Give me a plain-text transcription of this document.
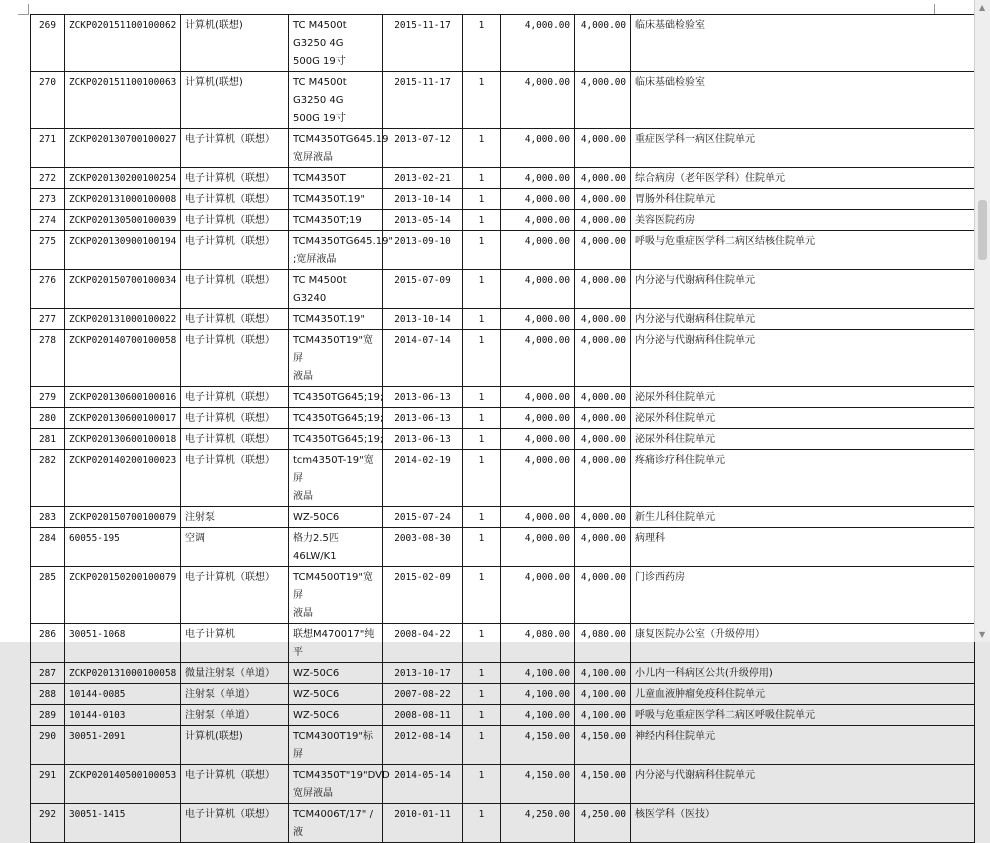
269	ZCKP020151100100062	计算机(联想)	TC M4500t G3250 4G
500G 19寸	2015-11-17	1	4,000.00	4,000.00	临床基础检验室
270	ZCKP020151100100063	计算机(联想)	TC M4500t G3250 4G
500G 19寸	2015-11-17	1	4,000.00	4,000.00	临床基础检验室
271	ZCKP020130700100027	电子计算机（联想）	TCM4350TG645.19
宽屏液晶	2013-07-12	1	4,000.00	4,000.00	重症医学科一病区住院单元
272	ZCKP020130200100254	电子计算机（联想）	TCM4350T	2013-02-21	1	4,000.00	4,000.00	综合病房（老年医学科）住院单元
273	ZCKP020131000100008	电子计算机（联想）	TCM4350T.19"	2013-10-14	1	4,000.00	4,000.00	胃肠外科住院单元
274	ZCKP020130500100039	电子计算机（联想）	TCM4350T;19	2013-05-14	1	4,000.00	4,000.00	美容医院药房
275	ZCKP020130900100194	电子计算机（联想）	TCM4350TG645.19"
;宽屏液晶	2013-09-10	1	4,000.00	4,000.00	呼吸与危重症医学科二病区结核住院单元
276	ZCKP020150700100034	电子计算机（联想）	TC M4500t G3240	2015-07-09	1	4,000.00	4,000.00	内分泌与代谢病科住院单元
277	ZCKP020131000100022	电子计算机（联想）	TCM4350T.19"	2013-10-14	1	4,000.00	4,000.00	内分泌与代谢病科住院单元
278	ZCKP020140700100058	电子计算机（联想）	TCM4350T19"宽屏
液晶	2014-07-14	1	4,000.00	4,000.00	内分泌与代谢病科住院单元
279	ZCKP020130600100016	电子计算机（联想）	TC4350TG645;19;	2013-06-13	1	4,000.00	4,000.00	泌尿外科住院单元
280	ZCKP020130600100017	电子计算机（联想）	TC4350TG645;19;	2013-06-13	1	4,000.00	4,000.00	泌尿外科住院单元
281	ZCKP020130600100018	电子计算机（联想）	TC4350TG645;19;	2013-06-13	1	4,000.00	4,000.00	泌尿外科住院单元
282	ZCKP020140200100023	电子计算机（联想）	tcm4350T-19"宽屏
液晶	2014-02-19	1	4,000.00	4,000.00	疼痛诊疗科住院单元
283	ZCKP020150700100079	注射泵	WZ-50C6	2015-07-24	1	4,000.00	4,000.00	新生儿科住院单元
284	60055-195	空调	格力2.5匹46LW/K1	2003-08-30	1	4,000.00	4,000.00	病理科
285	ZCKP020150200100079	电子计算机（联想）	TCM4500T19"宽屏
液晶	2015-02-09	1	4,000.00	4,000.00	门诊西药房
286	30051-1068	电子计算机	联想M470017"纯平	2008-04-22	1	4,080.00	4,080.00	康复医院办公室（升级停用）
287	ZCKP020131000100058	微量注射泵（单道）	WZ-50C6	2013-10-17	1	4,100.00	4,100.00	小儿内一科病区公共(升级停用)
288	10144-0085	注射泵（单道）	WZ-50C6	2007-08-22	1	4,100.00	4,100.00	儿童血液肿瘤免疫科住院单元
289	10144-0103	注射泵（单道）	WZ-50C6	2008-08-11	1	4,100.00	4,100.00	呼吸与危重症医学科二病区呼吸住院单元
290	30051-2091	计算机(联想)	TCM4300T19"标屏	2012-08-14	1	4,150.00	4,150.00	神经内科住院单元
291	ZCKP020140500100053	电子计算机（联想）	TCM4350T"19"DVD
宽屏液晶	2014-05-14	1	4,150.00	4,150.00	内分泌与代谢病科住院单元
292	30051-1415	电子计算机（联想）	TCM4006T/17" /液	2010-01-11	1	4,250.00	4,250.00	核医学科（医技）
▲
▼
